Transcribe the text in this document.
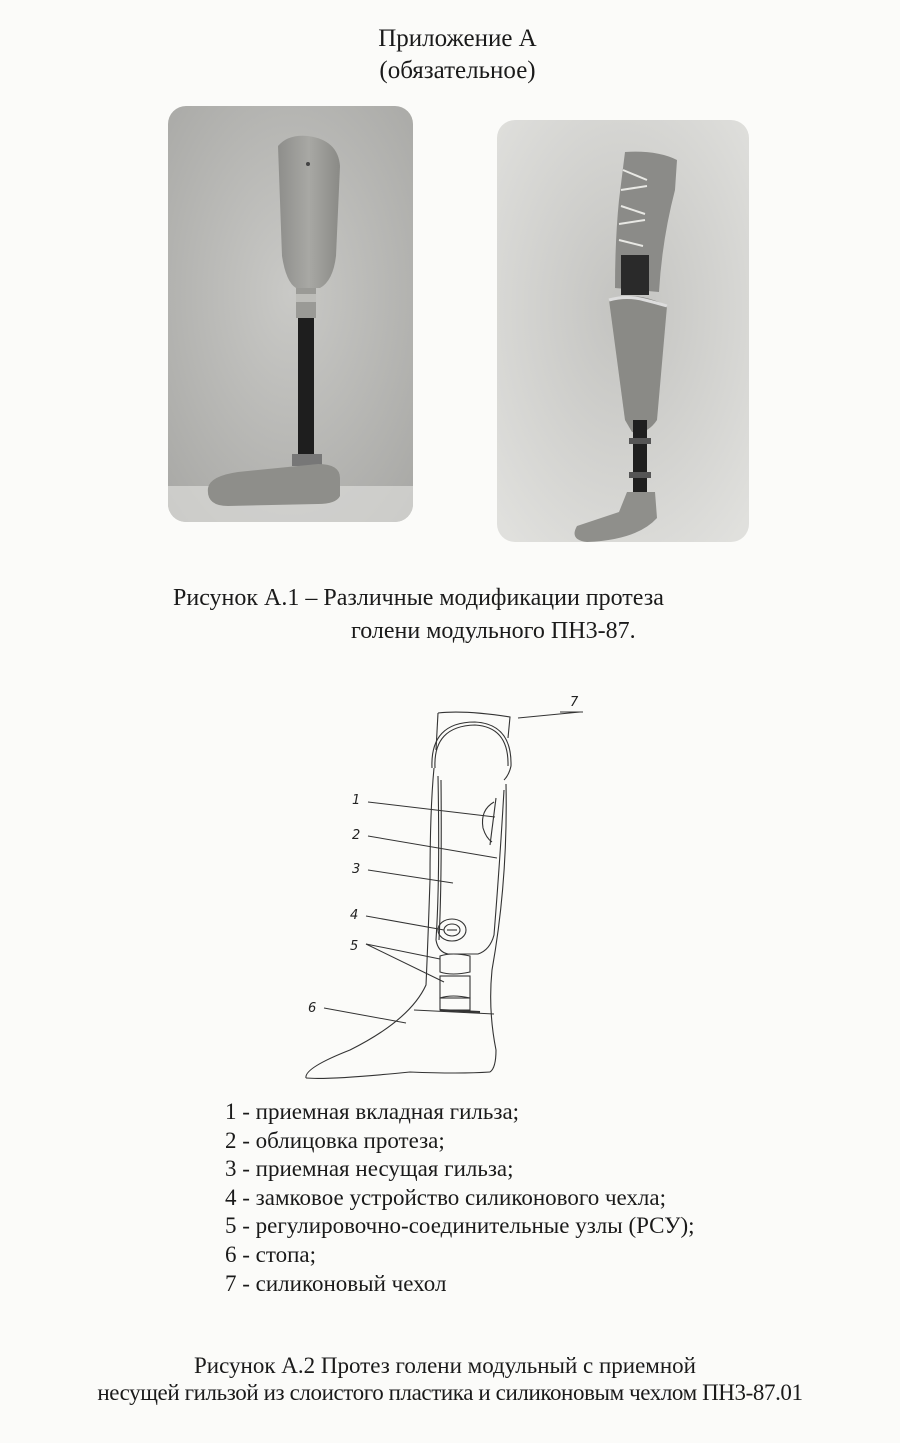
Приложение А
(обязательное)
Рисунок А.1 – Различные модификации протеза
голени модульного ПН3-87.
7
1
2
3
4
5
6
1 - приемная вкладная гильза;
2 - облицовка протеза;
3 - приемная несущая гильза;
4 - замковое устройство силиконового чехла;
5 - регулировочно-соединительные узлы (РСУ);
6 - стопа;
7 - силиконовый чехол
Рисунок А.2 Протез голени модульный с приемной
несущей гильзой из слоистого пластика и силиконовым чехлом ПН3-87.01
